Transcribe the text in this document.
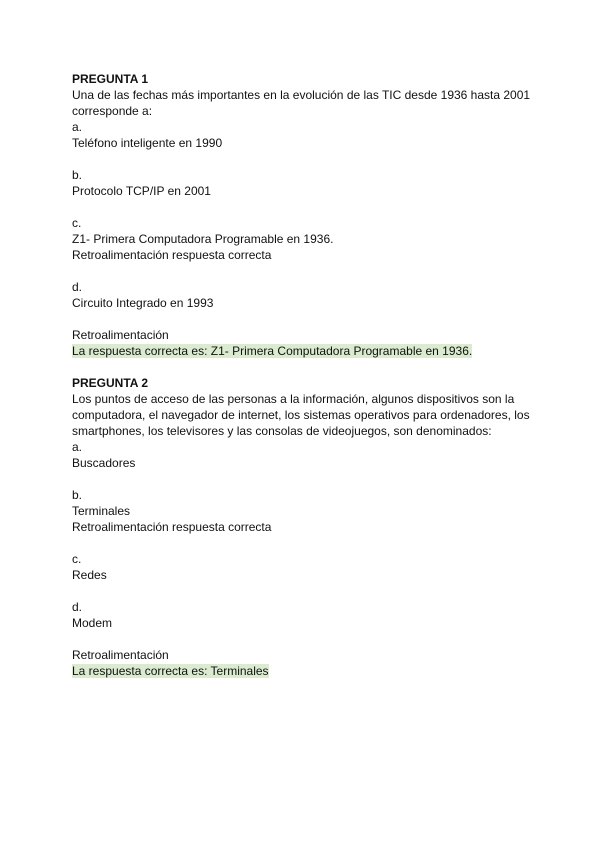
PREGUNTA 1
Una de las fechas más importantes en la evolución de las TIC desde 1936 hasta 2001 corresponde a:
a.
Teléfono inteligente en 1990
b.
Protocolo TCP/IP en 2001
c.
Z1- Primera Computadora Programable en 1936.
Retroalimentación respuesta correcta
d.
Circuito Integrado en 1993
Retroalimentación
La respuesta correcta es: Z1- Primera Computadora Programable en 1936.
PREGUNTA 2
Los puntos de acceso de las personas a la información, algunos dispositivos son la computadora, el navegador de internet, los sistemas operativos para ordenadores, los smartphones, los televisores y las consolas de videojuegos, son denominados:
a.
Buscadores
b.
Terminales
Retroalimentación respuesta correcta
c.
Redes
d.
Modem
Retroalimentación
La respuesta correcta es: Terminales
